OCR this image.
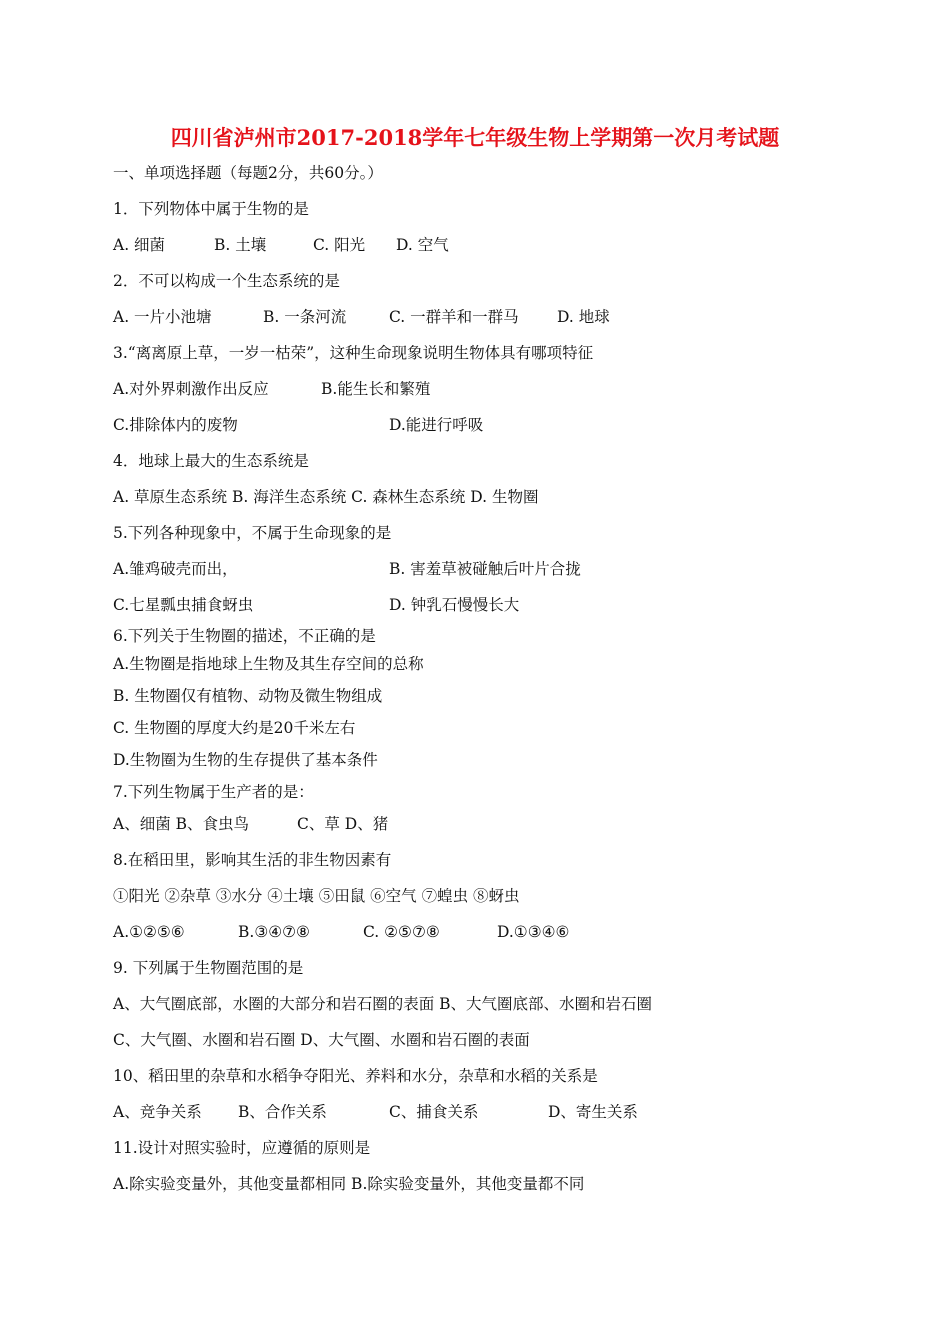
四川省泸州市2017-2018学年七年级生物上学期第一次月考试题
一、单项选择题（每题2分，共60分。）
1．下列物体中属于生物的是
A. 细菌	B. 土壤	C. 阳光 D. 空气
2．不可以构成一个生态系统的是
A. 一片小池塘	B. 一条河流	C. 一群羊和一群马 D. 地球
3.“离离原上草，一岁一枯荣”，这种生命现象说明生物体具有哪项特征
A.对外界刺激作出反应	B.能生长和繁殖
C.排除体内的废物	D.能进行呼吸
4．地球上最大的生态系统是
A. 草原生态系统 B. 海洋生态系统 C. 森林生态系统 D. 生物圈
5.下列各种现象中，不属于生命现象的是
A.雏鸡破壳而出，	B. 害羞草被碰触后叶片合拢
C.七星瓢虫捕食蚜虫	D. 钟乳石慢慢长大
6.下列关于生物圈的描述，不正确的是
A.生物圈是指地球上生物及其生存空间的总称
B. 生物圈仅有植物、动物及微生物组成
C. 生物圈的厚度大约是20千米左右
D.生物圈为生物的生存提供了基本条件
7.下列生物属于生产者的是：
A、细菌 B、食虫鸟	C、草 D、猪
8.在稻田里，影响其生活的非生物因素有
①阳光 ②杂草 ③水分 ④土壤 ⑤田鼠 ⑥空气 ⑦蝗虫 ⑧蚜虫
A.①②⑤⑥	B.③④⑦⑧	C. ②⑤⑦⑧	D.①③④⑥
9. 下列属于生物圈范围的是
A、大气圈底部，水圈的大部分和岩石圈的表面 B、大气圈底部、水圈和岩石圈
C、大气圈、水圈和岩石圈 D、大气圈、水圈和岩石圈的表面
10、稻田里的杂草和水稻争夺阳光、养料和水分，杂草和水稻的关系是
A、竞争关系 B、合作关系	C、捕食关系	D、寄生关系
11.设计对照实验时，应遵循的原则是
A.除实验变量外，其他变量都相同 B.除实验变量外，其他变量都不同
